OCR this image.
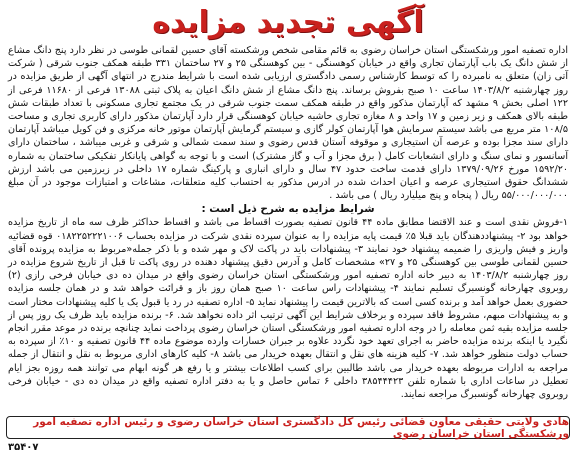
آگهی تجدید مزایده

اداره تصفیه امور ورشکستگی استان خراسان رضوی به قائم مقامی شخص ورشکسته آقای حسین لقمانی طوسی در نظر دارد پنج دانگ مشاع از شش دانگ یک باب آپارتمان تجاری واقع در خیابان کوهسنگی - بین کوهسنگی ۲۵ و ۲۷ ساختمان ۳۳۱ طبقه همکف جنوب شرقی ( شرکت آتی زان) متعلق به نامبرده را که توسط کارشناس رسمی دادگستری ارزیابی شده است با شرایط مندرج در انتهای آگهی از طریق مزایده در روز چهارشنبه ۱۴۰۳/۸/۲ ساعت ۱۰ صبح بفروش برساند. پنج دانگ مشاع از شش دانگ اعیان به پلاک ثبتی ۱۳۰۸۸ فرعی از ۱۱۶۸۰ فرعی از ۱۲۲ اصلی بخش ۹ مشهد که آپارتمان مذکور واقع در طبقه همکف سمت جنوب شرقی در یک مجتمع تجاری مسکونی با تعداد طبقات شش طبقه بالای همکف و زیر زمین و ۱۷ واحد و ۸ مغازه تجاری حاشیه خیابان کوهسنگی قرار دارد آپارتمان مذکور دارای کاربری تجاری و مساحت ۱۰۸/۵ متر مربع می باشد سیستم سرمایش هوا آپارتمان کولر گازی و سیستم گرمایش آپارتمان موتور خانه مرکزی و فن کویل میباشد آپارتمان دارای سند مجزا بوده و عرصه آن استیجاری و موقوفه آستان قدس رضوی و سند سمت شمالی و شرقی و غربی میباشد ، ساختمان دارای آسانسور و نمای سنگ و دارای انشعابات کامل ( برق مجزا و آب و گاز مشترک) است و با توجه به گواهی پایانکار تفکیکی ساختمان به شماره ۱۵۹۲/۲۰ مورخ ۱۳۷۹/۰۹/۲۶ دارای قدمت ساخت حدود ۴۷ سال و دارای انباری و پارکینگ شماره ۱۷ داخلی در زیرزمین می باشد ارزش ششدانگ حقوق استیجاری عرصه و اعیان احداث شده در ادرس مذکور به احتساب کلیه متعلقات، مشاعات و امتیازات موجود در آن مبلغ ۵۵/۰۰۰/۰۰۰/۰۰۰ ریال ( پنجاه و پنج میلیارد ریال ) می باشد .

شرایط مزایده به شرح ذیل است :

۱-فروش نقدی است و عند الاقتضا مطابق ماده ۴۴ قانون تصفیه بصورت اقساط می باشد و اقساط حداکثر ظرف سه ماه از تاریخ مزایده خواهد بود ۲- پیشنهاددهندگان باید قبلا ۵٪ قیمت پایه مزایده را به عنوان سپرده نقدی شرکت در مزایده بحساب ۰۱۸۲۲۵۲۲۲۱۰۰۶ قوه قضائیه واریز و فیش واریزی را ضمیمه پیشنهاد خود نمایند ۳- پیشنهادات باید در پاکت لاک و مهر شده و با ذکر جمله«مربوط به مزایده پرونده آقای حسین لقمانی طوسی بین کوهسنگی ۲۵ و ۲۷» مشخصات کامل و آدرس دقیق پیشنهاد دهنده در روی پاکت تا قبل از تاریخ شروع مزایده در روز چهارشنبه ۱۴۰۳/۸/۲ به دبیر خانه اداره تصفیه امور ورشکستگی استان خراسان رضوی واقع در میدان ده دی خیابان فرخی رازی (۲) روبروی چهارخانه گونسبرگ تسلیم نمایند ۴- پیشنهادات راس ساعت ۱۰ صبح همان روز باز و قرائت خواهد شد و در همان جلسه مزایده حضوری بعمل خواهد آمد و برنده کسی است که بالاترین قیمت را پیشنهاد نماید ۵- اداره تصفیه در رد یا قبول یک یا کلیه پیشنهادات مختار است و به پیشنهادات مبهم، مشروط فاقد سپرده و برخلاف شرایط این آگهی ترتیب اثر داده نخواهد شد. ۶- برنده مزایده باید ظرف یک روز پس از جلسه مزایده بقیه ثمن معامله را در وجه اداره تصفیه امور ورشکستگی استان خراسان رضوی پرداخت نماید چنانچه برنده در موعد مقرر انجام نگیرد یا اینکه برنده مزایده حاضر به اجرای تعهد خود نگردد علاوه بر جبران خسارات وارده موضوع ماده ۴۴ قانون تصفیه و ۱۰٪ از سپرده به حساب دولت منظور خواهد شد. ۷- کلیه هزینه های نقل و انتقال بعهده خریدار می باشد ۸- کلیه کارهای اداری مربوط به نقل و انتقال از جمله مراجعه به ادارات مربوطه بعهده خریدار می باشد طالبین برای کسب اطلاعات بیشتر و یا رفع هر گونه ابهام می توانند همه روزه بجز ایام تعطیل در ساعات اداری با شماره تلفن ۳۸۵۴۴۴۲۳ داخلی ۶ تماس حاصل و یا به دفتر اداره تصفیه واقع در میدان ده دی - خیابان فرخی روبروی چهارخانه گونسبرگ مراجعه نمایند.

هادی ولایتی حقیقی معاون قضائی رئیس کل دادگستری استان خراسان رضوی و رئیس اداره تصفیه امور ورشکستگی استان خراسان رضوی
۳۵۴۰۷
